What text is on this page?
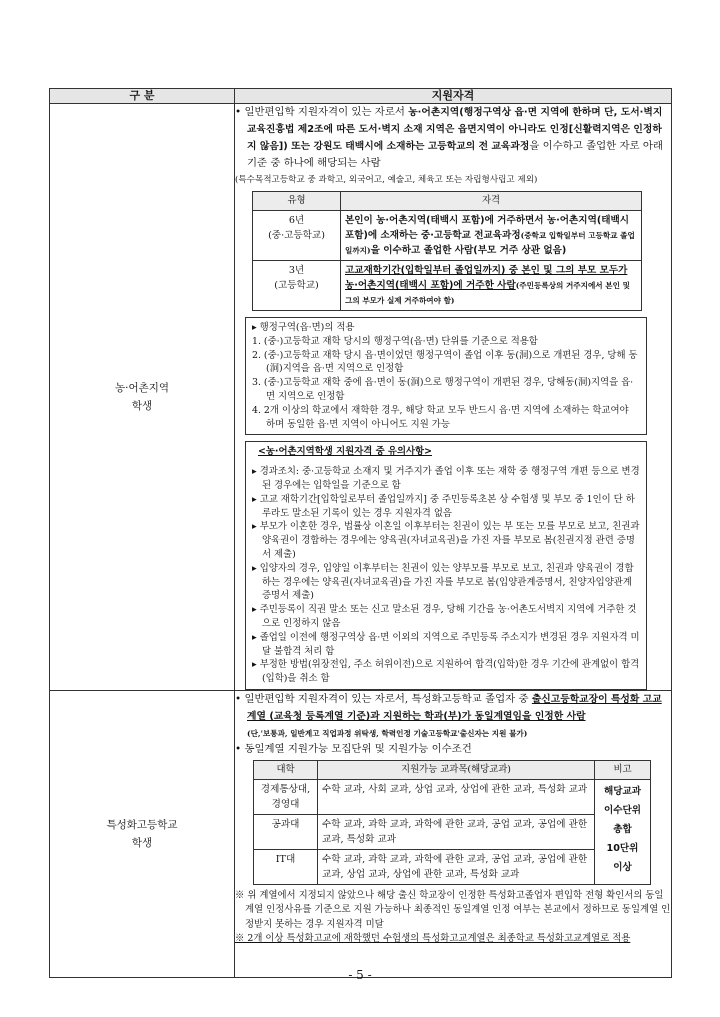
구 분	지원자격

농·어촌지역
학생

• 일반편입학 지원자격이 있는 자로서 농·어촌지역(행정구역상 읍·면 지역에 한하며 단, 도서·벽지 교육진흥법 제2조에 따른 도서·벽지 소재 지역은 읍면지역이 아니라도 인정[신활력지역은 인정하지 않음]) 또는 강원도 태백시에 소재하는 고등학교의 전 교육과정을 이수하고 졸업한 자로 아래 기준 중 하나에 해당되는 사람

(특수목적고등학교 중 과학고, 외국어고, 예술고, 체육고 또는 자립형사립고 제외)

유형	자격
6년
(중·고등학교)	본인이 농·어촌지역(태백시 포함)에 거주하면서 농·어촌지역(태백시 포함)에 소재하는 중·고등학교 전교육과정(중학교 입학일부터 고등학교 졸업일까지)을 이수하고 졸업한 사람(부모 거주 상관 없음)
3년
(고등학교)	고교재학기간(입학일부터 졸업일까지) 중 본인 및 그의 부모 모두가 농·어촌지역(태백시 포함)에 거주한 사람(주민등록상의 거주지에서 본인 및 그의 부모가 실제 거주하여야 함)

▸ 행정구역(읍·면)의 적용

1. (중·)고등학교 재학 당시의 행정구역(읍·면) 단위를 기준으로 적용함

2. (중·)고등학교 재학 당시 읍·면이었던 행정구역이 졸업 이후 동(洞)으로 개편된 경우, 당해 동(洞)지역을 읍·면 지역으로 인정함

3. (중·)고등학교 재학 중에 읍·면이 동(洞)으로 행정구역이 개편된 경우, 당해동(洞)지역을 읍·면 지역으로 인정함

4. 2개 이상의 학교에서 재학한 경우, 해당 학교 모두 반드시 읍·면 지역에 소재하는 학교여야 하며 동일한 읍·면 지역이 아니어도 지원 가능

<농·어촌지역학생 지원자격 중 유의사항>

▸ 경과조치: 중·고등학교 소재지 및 거주지가 졸업 이후 또는 재학 중 행정구역 개편 등으로 변경된 경우에는 입학일을 기준으로 함

▸ 고교 재학기간[입학일로부터 졸업일까지] 중 주민등록초본 상 수험생 및 부모 중 1인이 단 하루라도 말소된 기록이 있는 경우 지원자격 없음

▸ 부모가 이혼한 경우, 법률상 이혼일 이후부터는 친권이 있는 부 또는 모를 부모로 보고, 친권과 양육권이 경합하는 경우에는 양육권(자녀교육권)을 가진 자를 부모로 봄(친권지정 관련 증명서 제출)

▸ 입양자의 경우, 입양일 이후부터는 친권이 있는 양부모를 부모로 보고, 친권과 양육권이 경합하는 경우에는 양육권(자녀교육권)을 가진 자를 부모로 봄(입양관계증명서, 친양자입양관계증명서 제출)

▸ 주민등록이 직권 말소 또는 신고 말소된 경우, 당해 기간을 농·어촌도서벽지 지역에 거주한 것으로 인정하지 않음

▸ 졸업일 이전에 행정구역상 읍·면 이외의 지역으로 주민등록 주소지가 변경된 경우 지원자격 미달 불합격 처리 함

▸ 부정한 방법(위장전입, 주소 허위이전)으로 지원하여 합격(입학)한 경우 기간에 관계없이 합격(입학)을 취소 함

특성화고등학교
학생

• 일반편입학 지원자격이 있는 자로서, 특성화고등학교 졸업자 중 출신고등학교장이 특성화 고교계열 (교육청 등록계열 기준)과 지원하는 학과(부)가 동일계열임을 인정한 사람

(단,'보통과, 일반계고 직업과정 위탁생, 학력인정 기술고등학교'출신자는 지원 불가)

• 동일계열 지원가능 모집단위 및 지원가능 이수조건

대학	지원가능 교과목(해당교과)	비고
경제통상대,
경영대	수학 교과, 사회 교과, 상업 교과, 상업에 관한 교과, 특성화 교과	해당교과
이수단위
총합
10단위
이상
공과대	수학 교과, 과학 교과, 과학에 관한 교과, 공업 교과, 공업에 관한 교과, 특성화 교과
IT대	수학 교과, 과학 교과, 과학에 관한 교과, 공업 교과, 공업에 관한 교과, 상업 교과, 상업에 관한 교과, 특성화 교과

※ 위 계열에서 지정되지 않았으나 해당 출신 학교장이 인정한 특성화고졸업자 편입학 전형 확인서의 동일계열 인정사유를 기준으로 지원 가능하나 최종적인 동일계열 인정 여부는 본교에서 정하므로 동일계열 인정받지 못하는 경우 지원자격 미달

※ 2개 이상 특성화고교에 재학했던 수험생의 특성화고교계열은 최종학교 특성화고교계열로 적용

- 5 -
